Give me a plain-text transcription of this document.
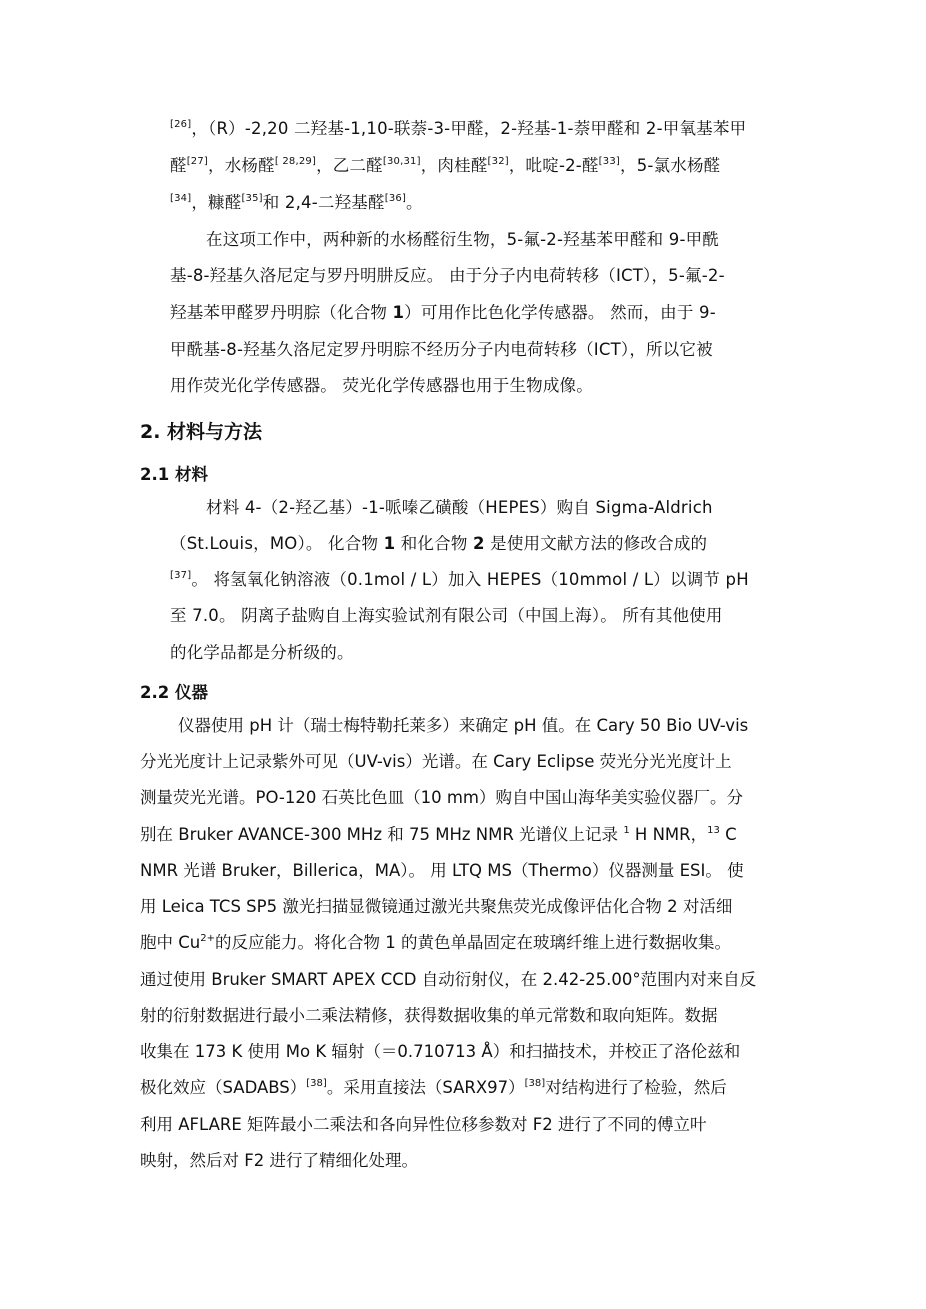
[26]，（R）-2,20 二羟基-1,10-联萘-3-甲醛，2-羟基-1-萘甲醛和 2-甲氧基苯甲
醛[27]，水杨醛[ 28,29]，乙二醛[30,31]，肉桂醛[32]，吡啶-2-醛[33]，5-氯水杨醛
[34]，糠醛[35]和 2,4-二羟基醛[36]。
在这项工作中，两种新的水杨醛衍生物，5-氟-2-羟基苯甲醛和 9-甲酰
基-8-羟基久洛尼定与罗丹明肼反应。 由于分子内电荷转移（ICT），5-氟-2-
羟基苯甲醛罗丹明腙（化合物 1）可用作比色化学传感器。 然而，由于 9-
甲酰基-8-羟基久洛尼定罗丹明腙不经历分子内电荷转移（ICT），所以它被
用作荧光化学传感器。 荧光化学传感器也用于生物成像。
2. 材料与方法
2.1 材料
材料 4-（2-羟乙基）-1-哌嗪乙磺酸（HEPES）购自 Sigma-Aldrich
（St.Louis，MO）。 化合物 1 和化合物 2 是使用文献方法的修改合成的
[37]。 将氢氧化钠溶液（0.1mol / L）加入 HEPES（10mmol / L）以调节 pH
至 7.0。 阴离子盐购自上海实验试剂有限公司（中国上海）。 所有其他使用
的化学品都是分析级的。
2.2 仪器
仪器使用 pH 计（瑞士梅特勒托莱多）来确定 pH 值。在 Cary 50 Bio UV-vis
分光光度计上记录紫外可见（UV-vis）光谱。在 Cary Eclipse 荧光分光光度计上
测量荧光光谱。PO-120 石英比色皿（10 mm）购自中国山海华美实验仪器厂。分
别在 Bruker AVANCE-300 MHz 和 75 MHz NMR 光谱仪上记录 $^1$ H NMR，$^{13}$ C
NMR 光谱 Bruker，Billerica，MA）。 用 LTQ MS（Thermo）仪器测量 ESI。 使
用 Leica TCS SP5 激光扫描显微镜通过激光共聚焦荧光成像评估化合物 2 对活细
胞中 $Cu^{2+}$的反应能力。将化合物 1 的黄色单晶固定在玻璃纤维上进行数据收集。
通过使用 Bruker SMART APEX CCD 自动衍射仪，在 2.42-25.00°范围内对来自反
射的衍射数据进行最小二乘法精修，获得数据收集的单元常数和取向矩阵。数据
收集在 173 K 使用 Mo K 辐射（＝0.710713 Å）和扫描技术，并校正了洛伦兹和
极化效应（SADABS）[38]。采用直接法（SARX97）[38]对结构进行了检验，然后
利用 AFLARE 矩阵最小二乘法和各向异性位移参数对 F2 进行了不同的傅立叶
映射，然后对 F2 进行了精细化处理。
